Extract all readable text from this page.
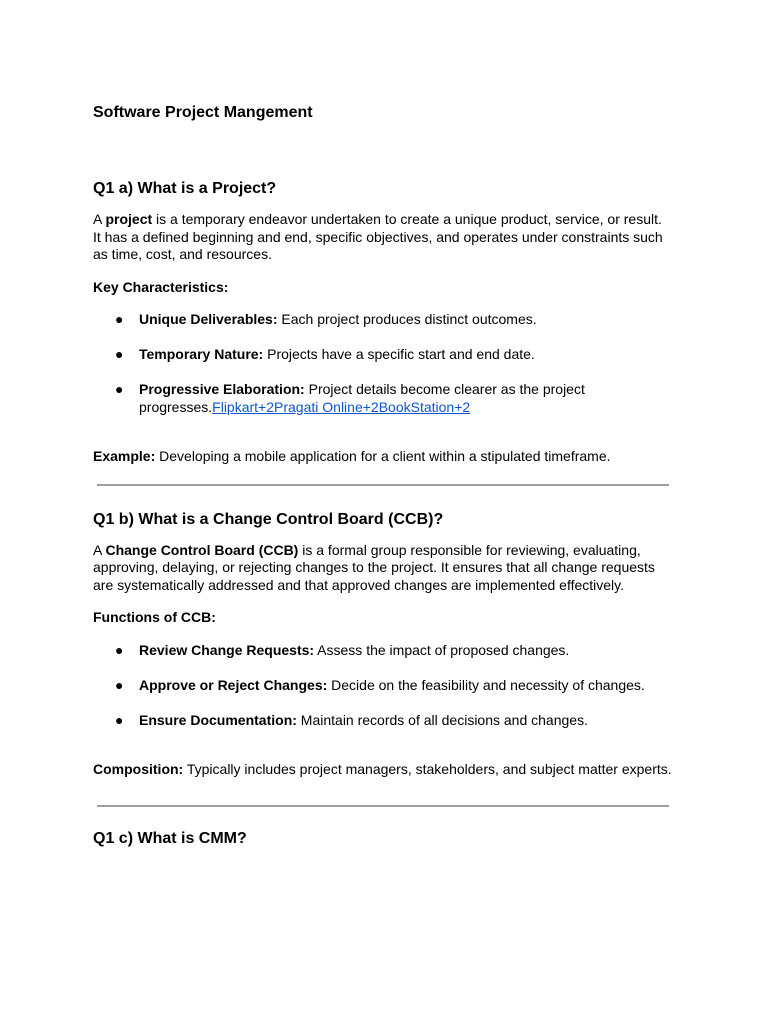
Software Project Mangement
Q1 a) What is a Project?

A project is a temporary endeavor undertaken to create a unique product, service, or result. It has a defined beginning and end, specific objectives, and operates under constraints such as time, cost, and resources.

Key Characteristics:

● Unique Deliverables: Each project produces distinct outcomes.
● Temporary Nature: Projects have a specific start and end date.
● Progressive Elaboration: Project details become clearer as the project progresses.Flipkart+2Pragati Online+2BookStation+2

Example: Developing a mobile application for a client within a stipulated timeframe.

Q1 b) What is a Change Control Board (CCB)?

A Change Control Board (CCB) is a formal group responsible for reviewing, evaluating, approving, delaying, or rejecting changes to the project. It ensures that all change requests are systematically addressed and that approved changes are implemented effectively.

Functions of CCB:

● Review Change Requests: Assess the impact of proposed changes.
● Approve or Reject Changes: Decide on the feasibility and necessity of changes.
● Ensure Documentation: Maintain records of all decisions and changes.

Composition: Typically includes project managers, stakeholders, and subject matter experts.

Q1 c) What is CMM?
